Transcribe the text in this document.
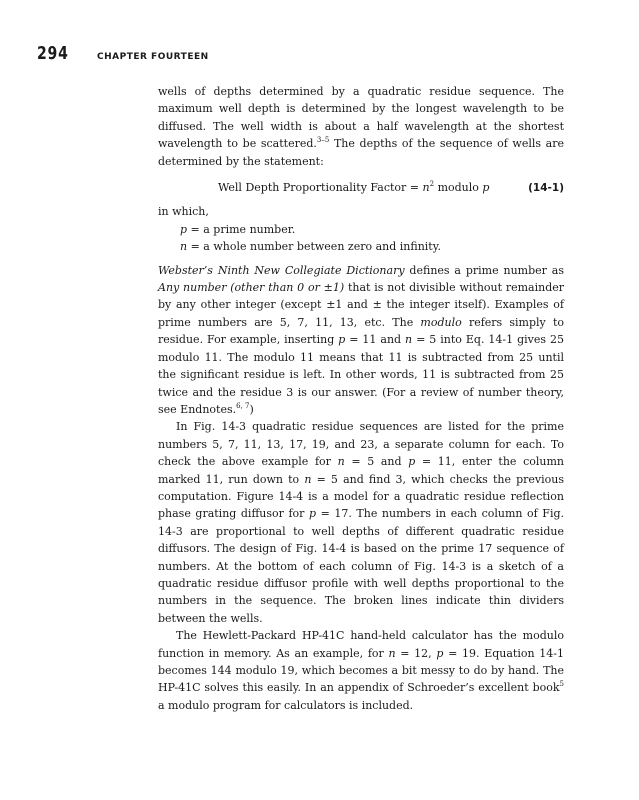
294	CHAPTER FOURTEEN

wells of depths determined by a quadratic residue sequence. The maximum well depth is determined by the longest wavelength to be diffused. The well width is about a half wavelength at the shortest wavelength to be scattered.$^{3-5}$ The depths of the sequence of wells are determined by the statement:

Well Depth Proportionality Factor = $n^2$ modulo p	(14-1)

in which,

p = a prime number.
n = a whole number between zero and infinity.

Webster’s Ninth New Collegiate Dictionary defines a prime number as Any number (other than 0 or ±1) that is not divisible without remainder by any other integer (except ±1 and ± the integer itself). Examples of prime numbers are 5, 7, 11, 13, etc. The modulo refers simply to residue. For example, inserting p = 11 and n = 5 into Eq. 14-1 gives 25 modulo 11. The modulo 11 means that 11 is subtracted from 25 until the significant residue is left. In other words, 11 is subtracted from 25 twice and the residue 3 is our answer. (For a review of number theory, see Endnotes.$^{6, 7}$)

In Fig. 14-3 quadratic residue sequences are listed for the prime numbers 5, 7, 11, 13, 17, 19, and 23, a separate column for each. To check the above example for n = 5 and p = 11, enter the column marked 11, run down to n = 5 and find 3, which checks the previous computation. Figure 14-4 is a model for a quadratic residue reflection phase grating diffusor for p = 17. The numbers in each column of Fig. 14-3 are proportional to well depths of different quadratic residue diffusors. The design of Fig. 14-4 is based on the prime 17 sequence of numbers. At the bottom of each column of Fig. 14-3 is a sketch of a quadratic residue diffusor profile with well depths proportional to the numbers in the sequence. The broken lines indicate thin dividers between the wells.

The Hewlett-Packard HP-41C hand-held calculator has the modulo function in memory. As an example, for n = 12, p = 19. Equation 14-1 becomes 144 modulo 19, which becomes a bit messy to do by hand. The HP-41C solves this easily. In an appendix of Schroeder’s excellent book$^5$ a modulo program for calculators is included.
